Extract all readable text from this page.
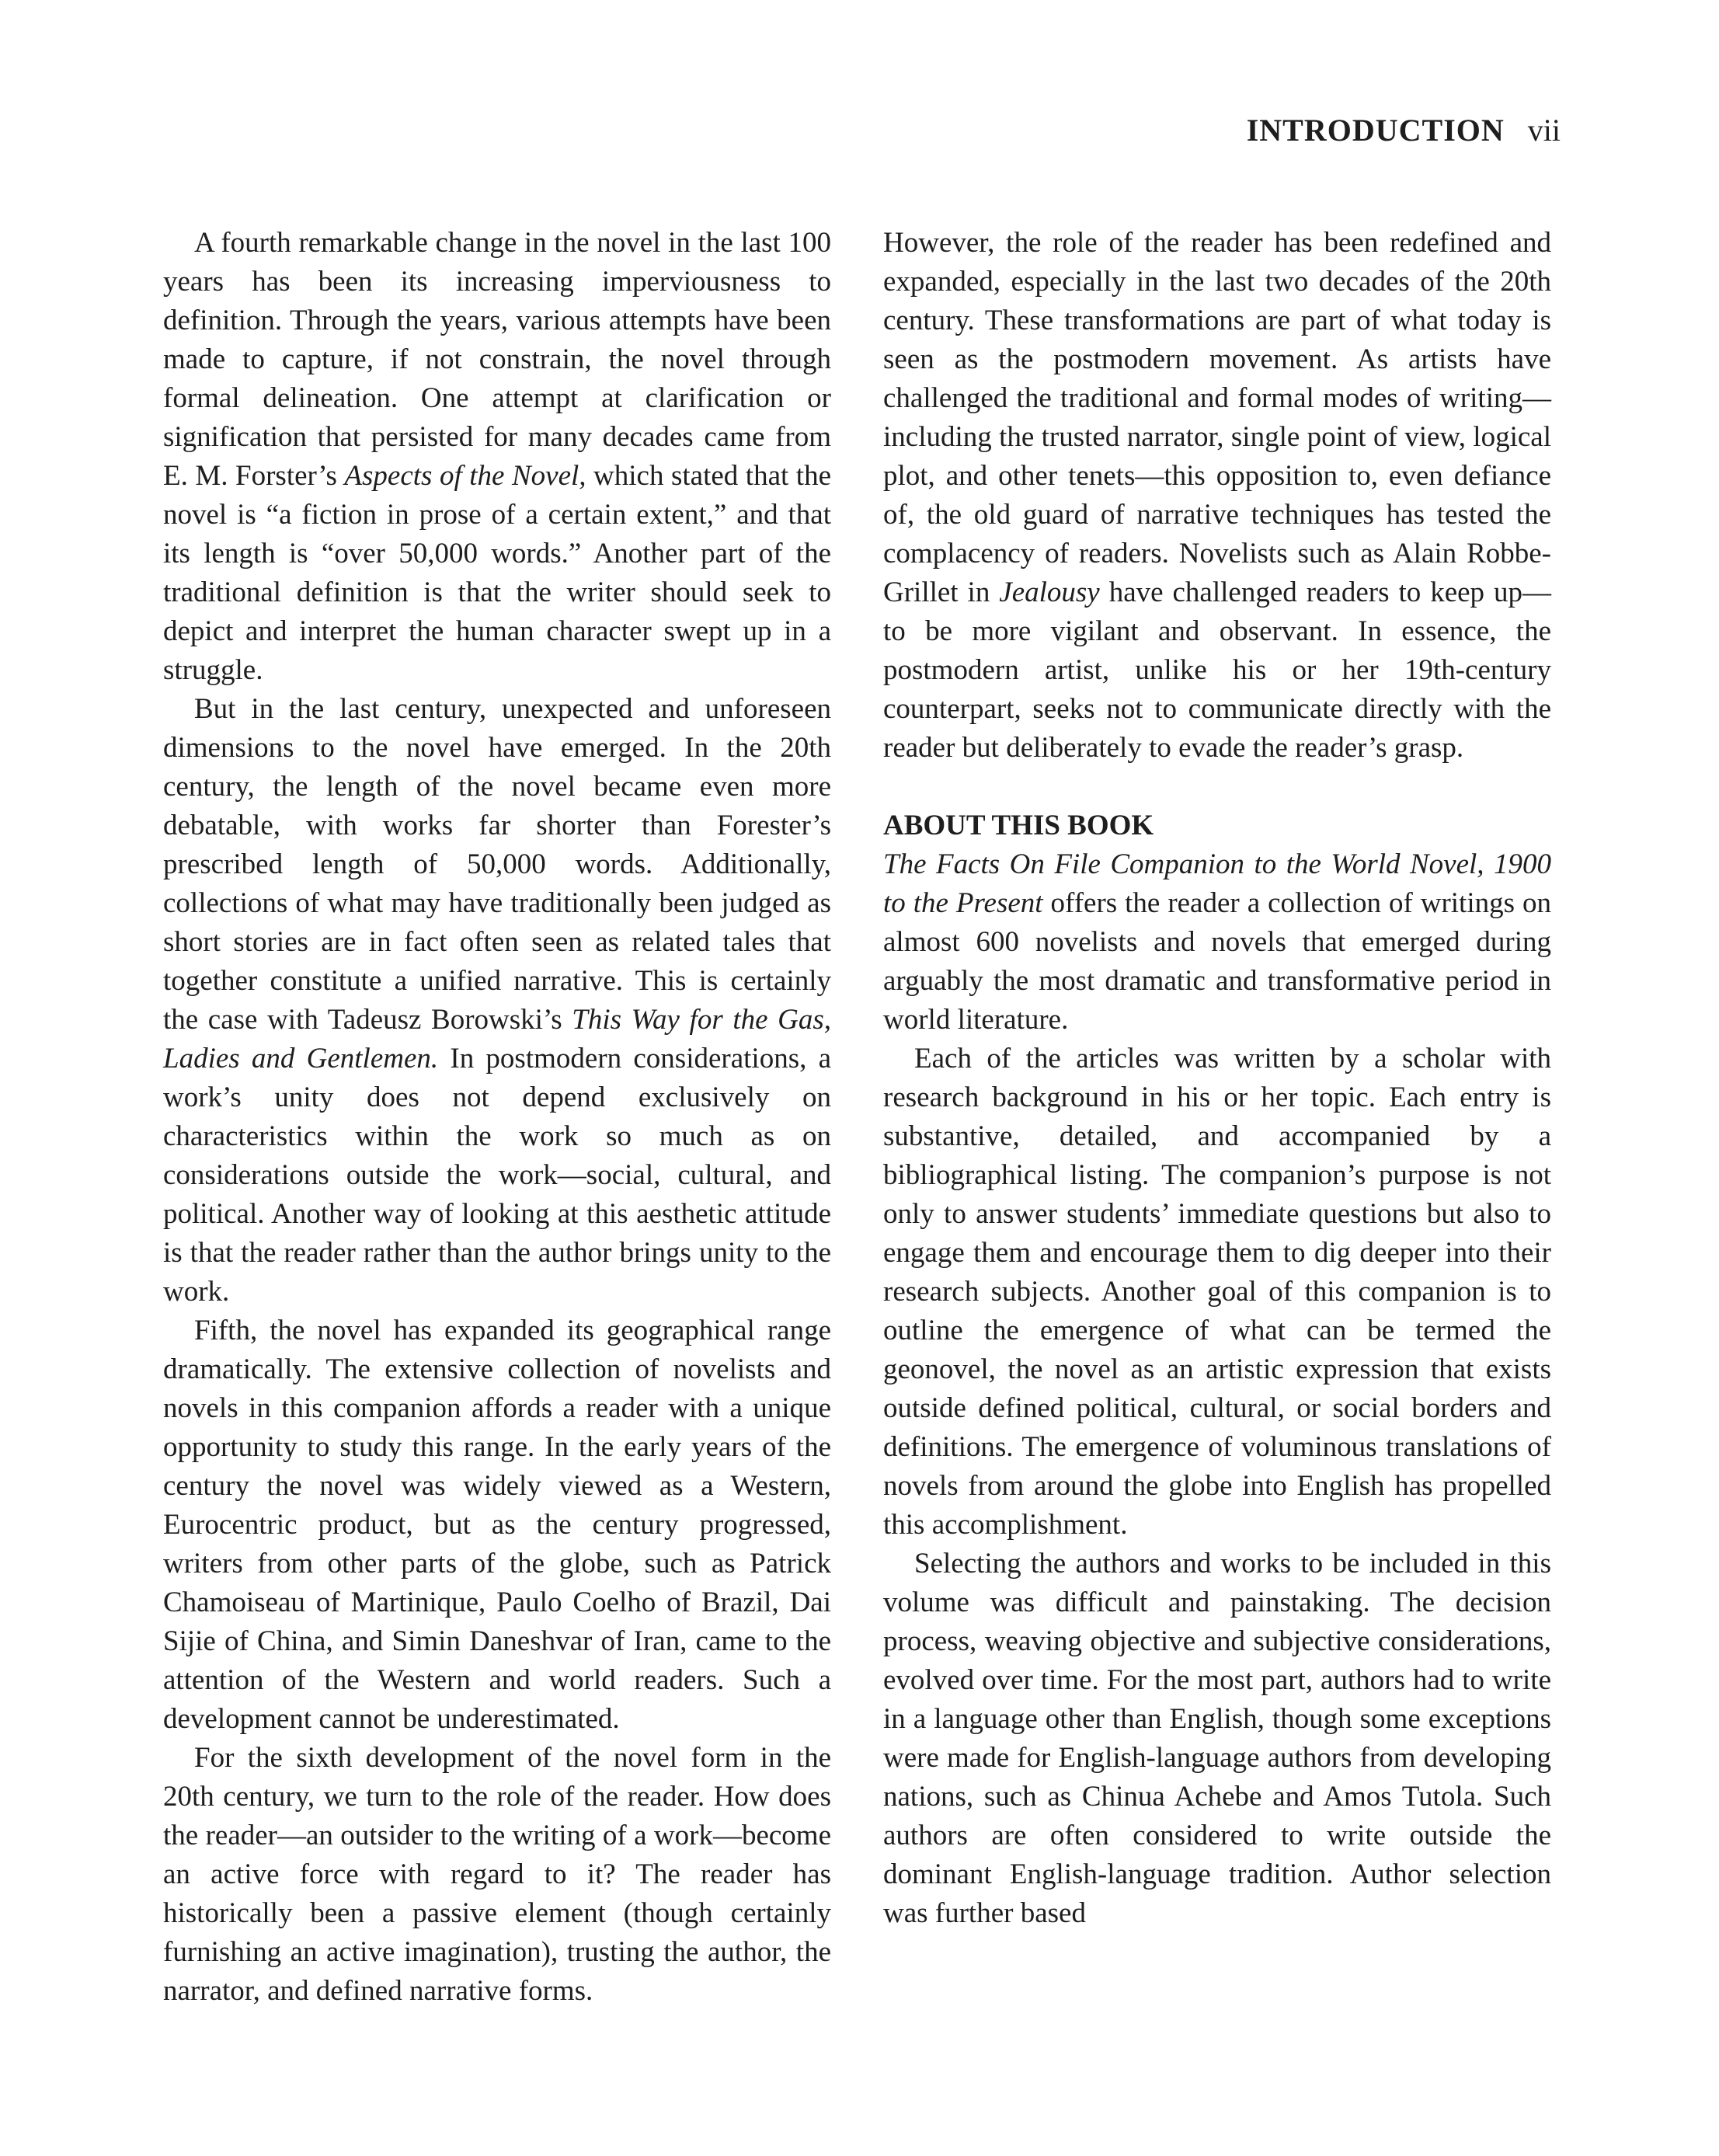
INTRODUCTION vii

A fourth remarkable change in the novel in the last 100 years has been its increasing imperviousness to definition. Through the years, various attempts have been made to capture, if not constrain, the novel through formal delineation. One attempt at clarification or signification that persisted for many decades came from E. M. Forster’s Aspects of the Novel, which stated that the novel is “a fiction in prose of a certain extent,” and that its length is “over 50,000 words.” Another part of the traditional definition is that the writer should seek to depict and interpret the human character swept up in a struggle.

But in the last century, unexpected and unforeseen dimensions to the novel have emerged. In the 20th century, the length of the novel became even more debatable, with works far shorter than Forester’s prescribed length of 50,000 words. Additionally, collections of what may have traditionally been judged as short stories are in fact often seen as related tales that together constitute a unified narrative. This is certainly the case with Tadeusz Borowski’s This Way for the Gas, Ladies and Gentlemen. In postmodern considerations, a work’s unity does not depend exclusively on characteristics within the work so much as on considerations outside the work—social, cultural, and political. Another way of looking at this aesthetic attitude is that the reader rather than the author brings unity to the work.

Fifth, the novel has expanded its geographical range dramatically. The extensive collection of novelists and novels in this companion affords a reader with a unique opportunity to study this range. In the early years of the century the novel was widely viewed as a Western, Eurocentric product, but as the century progressed, writers from other parts of the globe, such as Patrick Chamoiseau of Martinique, Paulo Coelho of Brazil, Dai Sijie of China, and Simin Daneshvar of Iran, came to the attention of the Western and world readers. Such a development cannot be underestimated.

For the sixth development of the novel form in the 20th century, we turn to the role of the reader. How does the reader—an outsider to the writing of a work—become an active force with regard to it? The reader has historically been a passive element (though certainly furnishing an active imagination), trusting the author, the narrator, and defined narrative forms.

However, the role of the reader has been redefined and expanded, especially in the last two decades of the 20th century. These transformations are part of what today is seen as the postmodern movement. As artists have challenged the traditional and formal modes of writing—including the trusted narrator, single point of view, logical plot, and other tenets—this opposition to, even defiance of, the old guard of narrative techniques has tested the complacency of readers. Novelists such as Alain Robbe-Grillet in Jealousy have challenged readers to keep up—to be more vigilant and observant. In essence, the postmodern artist, unlike his or her 19th-century counterpart, seeks not to communicate directly with the reader but deliberately to evade the reader’s grasp.

ABOUT THIS BOOK

The Facts On File Companion to the World Novel, 1900 to the Present offers the reader a collection of writings on almost 600 novelists and novels that emerged during arguably the most dramatic and transformative period in world literature.

Each of the articles was written by a scholar with research background in his or her topic. Each entry is substantive, detailed, and accompanied by a bibliographical listing. The companion’s purpose is not only to answer students’ immediate questions but also to engage them and encourage them to dig deeper into their research subjects. Another goal of this companion is to outline the emergence of what can be termed the geonovel, the novel as an artistic expression that exists outside defined political, cultural, or social borders and definitions. The emergence of voluminous translations of novels from around the globe into English has propelled this accomplishment.

Selecting the authors and works to be included in this volume was difficult and painstaking. The decision process, weaving objective and subjective considerations, evolved over time. For the most part, authors had to write in a language other than English, though some exceptions were made for English-language authors from developing nations, such as Chinua Achebe and Amos Tutola. Such authors are often considered to write outside the dominant English-language tradition. Author selection was further based
